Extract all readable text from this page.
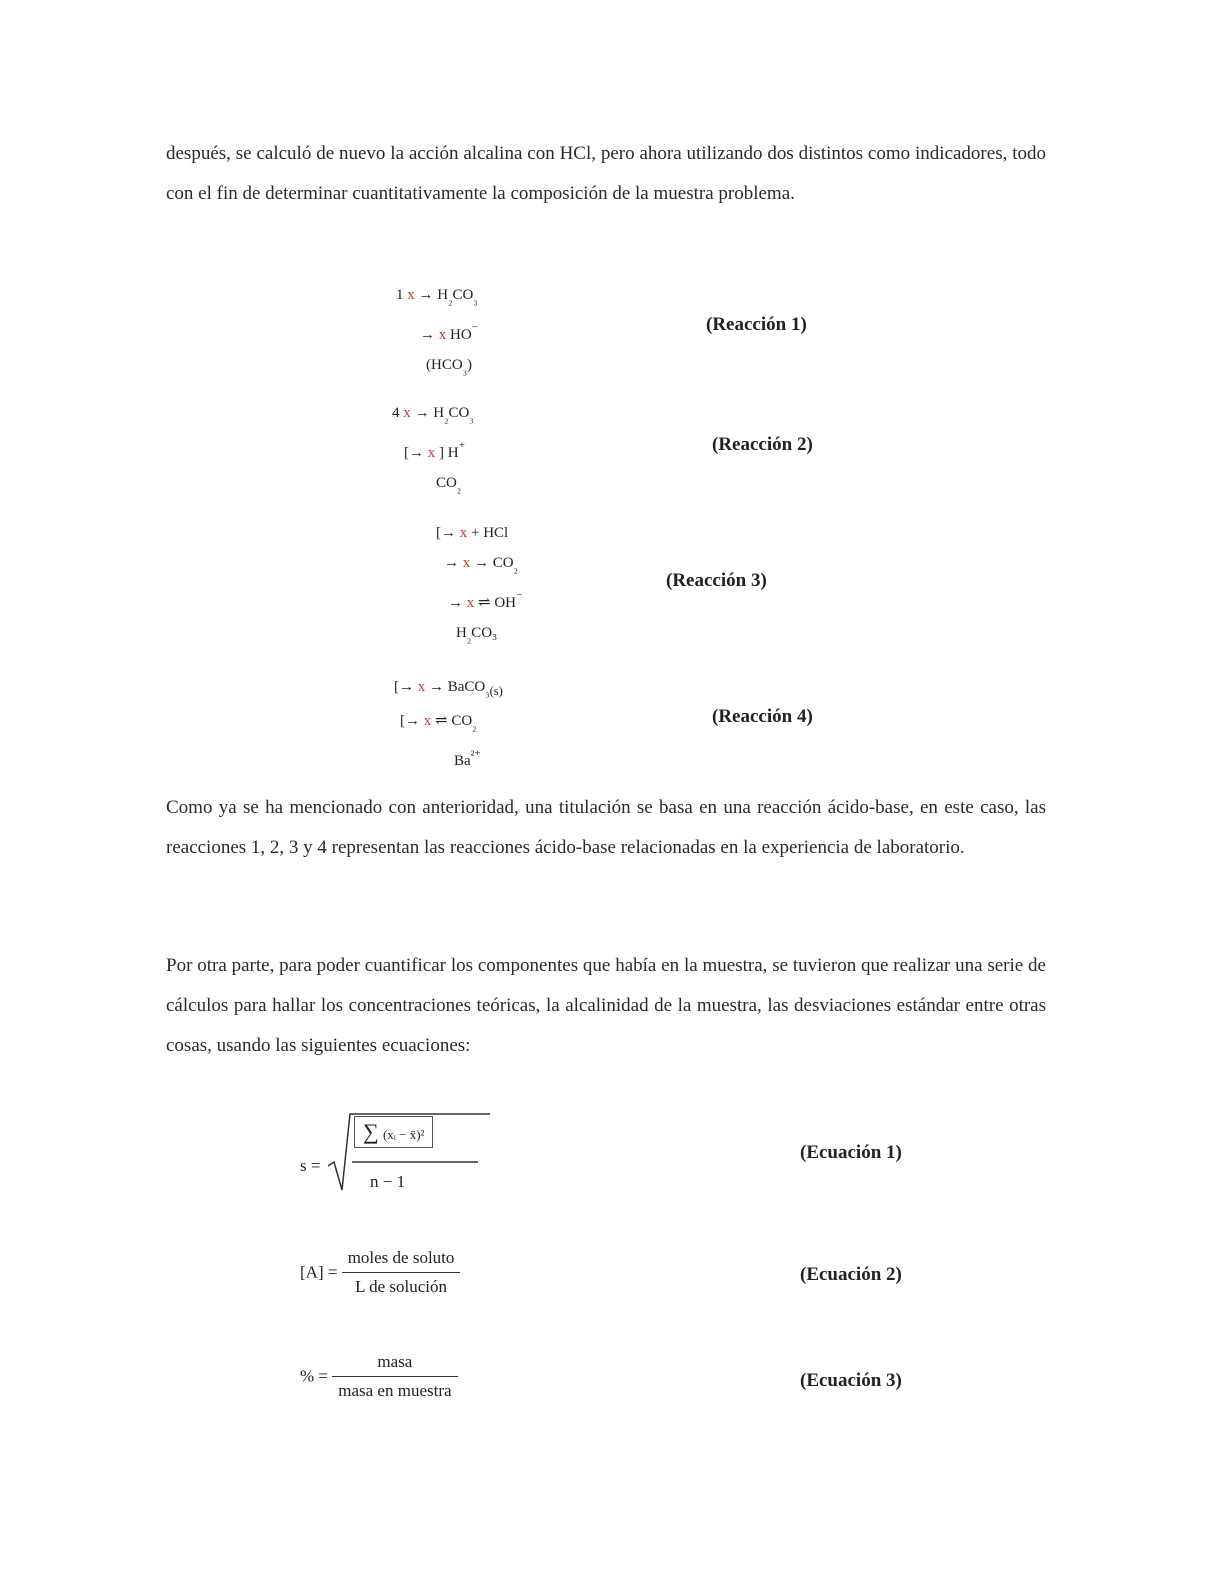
después, se calculó de nuevo la acción alcalina con HCl, pero ahora utilizando dos distintos como indicadores, todo con el fin de determinar cuantitativamente la composición de la muestra problema.

1 $x \to H_{_2}CO_{_3}$
→ x HO⁻
$(HCO_{_3})$
(Reacción 1)
4 $x \to H_{_2}CO_{_3}$
[→ x ] H⁺
$CO_{_2}$
(Reacción 2)
[→ x + HCl
→ $x \to CO_{_2}$
→ x ⇌ OH⁻
$H_{_2}CO_3$
(Reacción 3)
[→ x → BaCO$_{_3(s)}$
[→ x ⇌ $CO_{_2}$
$Ba^{^{2+}}$
(Reacción 4)

Como ya se ha mencionado con anterioridad, una titulación se basa en una reacción ácido-base, en este caso, las reacciones 1, 2, 3 y 4 representan las reacciones ácido-base relacionadas en la experiencia de laboratorio.

Por otra parte, para poder cuantificar los componentes que había en la muestra, se tuvieron que realizar una serie de cálculos para hallar los concentraciones teóricas, la alcalinidad de la muestra, las desviaciones estándar entre otras cosas, usando las siguientes ecuaciones:

s =
∑ (xᵢ − x̄)²
n − 1
(Ecuación 1)
$[A] = \frac{\text{moles de soluto}}{\text{L de solución}}$	(Ecuación 2)
% = $\frac{\text{masa}}{\text{masa en muestra}}$	(Ecuación 3)
